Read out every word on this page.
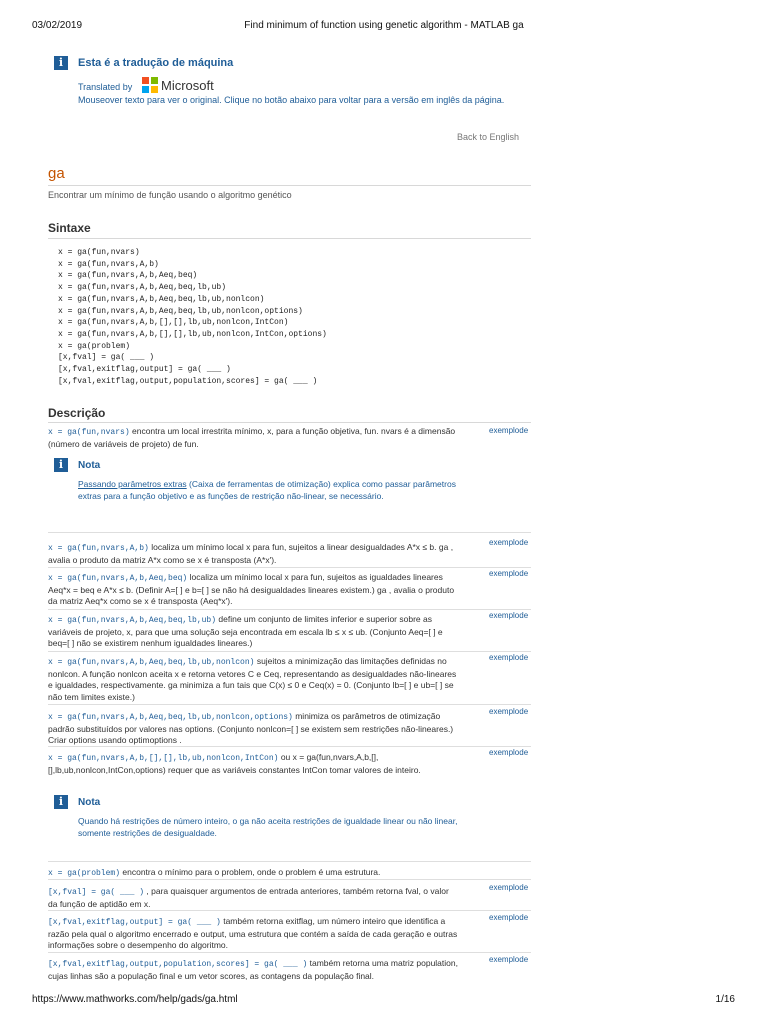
03/02/2019	Find minimum of function using genetic algorithm - MATLAB ga
i	Esta é a tradução de máquina
Translated by Microsoft
Mouseover texto para ver o original. Clique no botão abaixo para voltar para a versão em inglês da página.
Back to English
ga
Encontrar um mínimo de função usando o algoritmo genético
Sintaxe
x = ga(fun,nvars)
x = ga(fun,nvars,A,b)
x = ga(fun,nvars,A,b,Aeq,beq)
x = ga(fun,nvars,A,b,Aeq,beq,lb,ub)
x = ga(fun,nvars,A,b,Aeq,beq,lb,ub,nonlcon)
x = ga(fun,nvars,A,b,Aeq,beq,lb,ub,nonlcon,options)
x = ga(fun,nvars,A,b,[],[],lb,ub,nonlcon,IntCon)
x = ga(fun,nvars,A,b,[],[],lb,ub,nonlcon,IntCon,options)
x = ga(problem)
[x,fval] = ga( ___ )
[x,fval,exitflag,output] = ga( ___ )
[x,fval,exitflag,output,population,scores] = ga( ___ )
Descrição
x = ga(fun,nvars) encontra um local irrestrita mínimo, x, para a função objetiva, fun. nvars é a dimensão (número de variáveis de projeto) de fun.
exemplode
i	Nota
Passando parâmetros extras (Caixa de ferramentas de otimização) explica como passar parâmetros extras para a função objetivo e as funções de restrição não-linear, se necessário.
x = ga(fun,nvars,A,b) localiza um mínimo local x para fun, sujeitos a linear desigualdades A*x ≤ b. ga , avalia o produto da matriz A*x como se x é transposta (A*x').
exemplode
x = ga(fun,nvars,A,b,Aeq,beq) localiza um mínimo local x para fun, sujeitos as igualdades lineares Aeq*x = beq e A*x ≤ b. (Definir A=[ ] e b=[ ] se não há desigualdades lineares existem.) ga , avalia o produto da matriz Aeq*x como se x é transposta (Aeq*x').
exemplode
x = ga(fun,nvars,A,b,Aeq,beq,lb,ub) define um conjunto de limites inferior e superior sobre as variáveis de projeto, x, para que uma solução seja encontrada em escala lb ≤ x ≤ ub. (Conjunto Aeq=[ ] e beq=[ ] não se existirem nenhum igualdades lineares.)
exemplode
x = ga(fun,nvars,A,b,Aeq,beq,lb,ub,nonlcon) sujeitos a minimização das limitações definidas no nonlcon. A função nonlcon aceita x e retorna vetores C e Ceq, representando as desigualdades não-lineares e igualdades, respectivamente. ga minimiza a fun tais que C(x) ≤ 0 e Ceq(x) = 0. (Conjunto lb=[ ] e ub=[ ] se não tem limites existe.)
exemplode
x = ga(fun,nvars,A,b,Aeq,beq,lb,ub,nonlcon,options) minimiza os parâmetros de otimização padrão substituídos por valores nas options. (Conjunto nonlcon=[ ] se existem sem restrições não-lineares.) Criar options usando optimoptions .
exemplode
x = ga(fun,nvars,A,b,[],[],lb,ub,nonlcon,IntCon) ou x = ga(fun,nvars,A,b,[], [],lb,ub,nonlcon,IntCon,options) requer que as variáveis constantes IntCon tomar valores de inteiro.
exemplode
i	Nota
Quando há restrições de número inteiro, o ga não aceita restrições de igualdade linear ou não linear, somente restrições de desigualdade.
x = ga(problem) encontra o mínimo para o problem, onde o problem é uma estrutura.
[x,fval] = ga( ___ ) , para quaisquer argumentos de entrada anteriores, também retorna fval, o valor da função de aptidão em x.
exemplode
[x,fval,exitflag,output] = ga( ___ ) também retorna exitflag, um número inteiro que identifica a razão pela qual o algoritmo encerrado e output, uma estrutura que contém a saída de cada geração e outras informações sobre o desempenho do algoritmo.
exemplode
[x,fval,exitflag,output,population,scores] = ga( ___ ) também retorna uma matriz population, cujas linhas são a população final e um vetor scores, as contagens da população final.
exemplode
https://www.mathworks.com/help/gads/ga.html	1/16
